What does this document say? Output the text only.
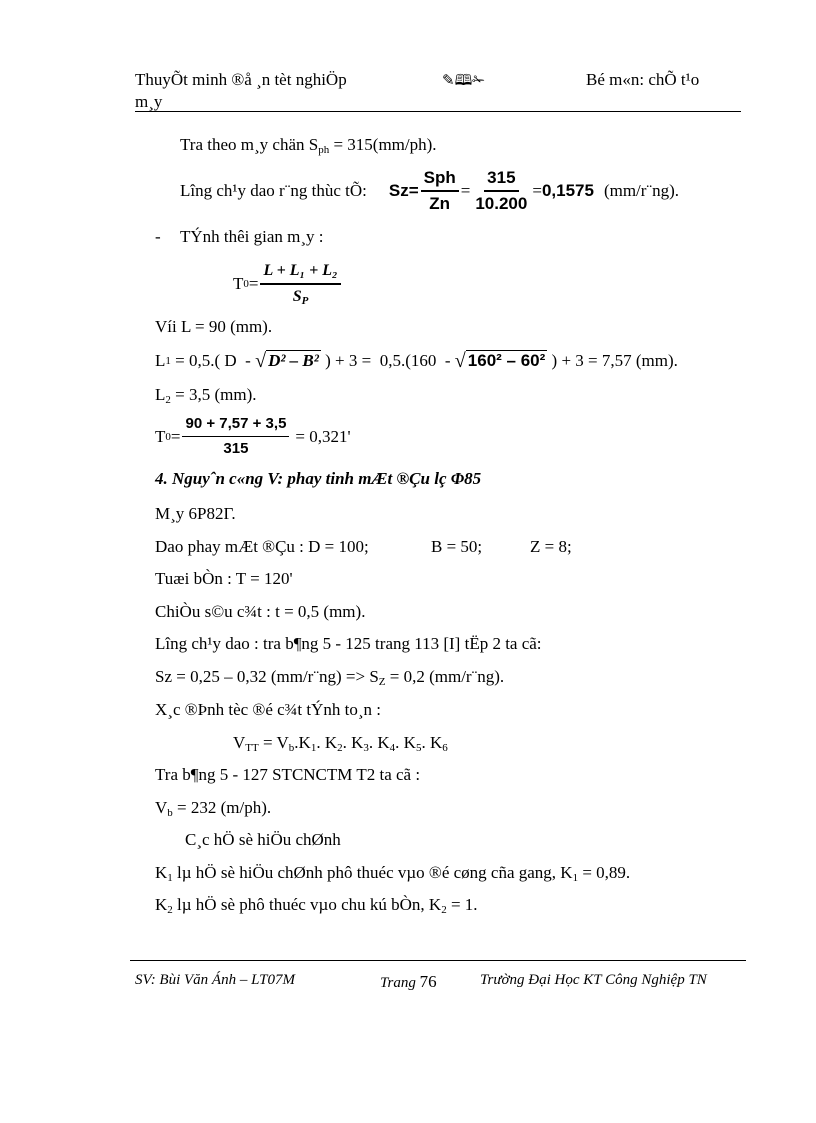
ThuyÕt minh ®å ¸n tèt nghiÖp
m¸y
✎🕮✁	Bé m«n: chÕ t¹o
Tra theo m¸y chän $S_{ph} = 315(mm/ph)$.
Lîng ch¹y dao r¨ng thùc tÕ: $Sz = \frac{\text{Sph}}{Zn} = \frac{315}{10.200} = 0,1575$ (mm/r¨ng).
- TÝnh thêi gian m¸y :
T $0 = \frac{\text{L + L₁ + L₂}}{S_P}$
Víi L = 90 (mm).
L 1 = 0,5.( D  - √ D² – B² ) + 3 =  0,5.(160  - √ 160² – 60² ) + 3 = 7,57 (mm).
$L_2 = 3,5$ (mm).
T $0 = \frac{90 + 7,57 + 3,5}{315} = 0,321'$
4. Nguyˆn c«ng V: phay tinh mÆt ®Çu lç Φ85
M¸y 6P82Г.
Dao phay mÆt ®Çu : D = 100;	B = 50;	Z = 8;
Tuæi bÒn : T = 120'
ChiÒu s©u c¾t : t = 0,5 (mm).
Lîng ch¹y dao : tra b¶ng 5 - 125 trang 113 [I] tËp 2 ta cã:
Sz = 0,25 – 0,32 (mm/r¨ng) => $S_Z = 0,2$ (mm/r¨ng).
X¸c ®Þnh tèc ®é c¾t tÝnh to¸n :
$V_{TT} = V_b.K_1$. $K_2$. $K_3$. $K_4$. $K_5$. $K_6$
Tra b¶ng 5 - 127 STCNCTM T2 ta cã :
$V_b = 232$ (m/ph).
C¸c hÖ sè hiÖu chØnh
$K_1$ lµ hÖ sè hiÖu chØnh phô thuéc vµo ®é cøng cña gang, $K_1 = 0,89$.
$K_2$ lµ hÖ sè phô thuéc vµo chu kú bÒn, $K_2 = 1$.
SV: Bùi Văn Ánh – LT07M	Trang 76	Trường Đại Học KT Công Nghiệp TN
